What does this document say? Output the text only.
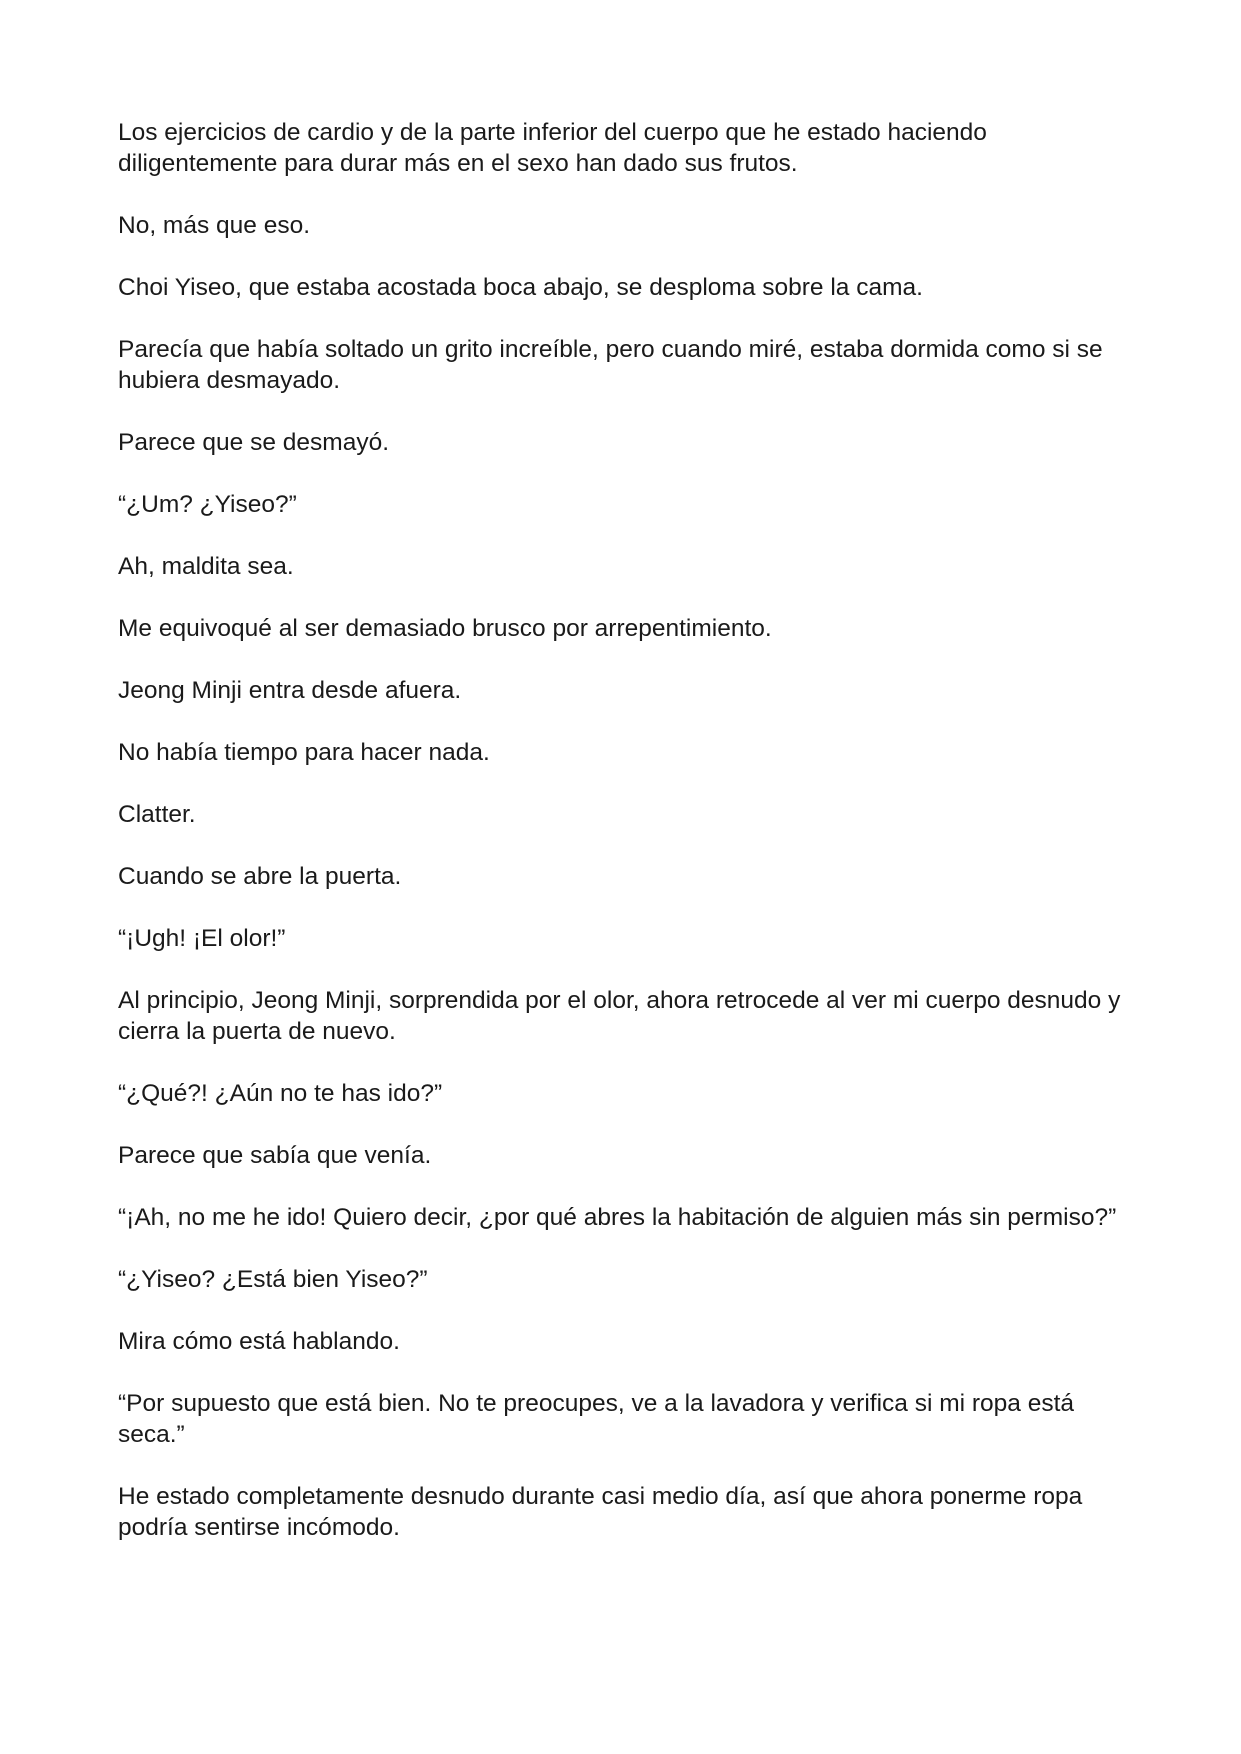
Los ejercicios de cardio y de la parte inferior del cuerpo que he estado haciendo diligentemente para durar más en el sexo han dado sus frutos.

No, más que eso.

Choi Yiseo, que estaba acostada boca abajo, se desploma sobre la cama.

Parecía que había soltado un grito increíble, pero cuando miré, estaba dormida como si se hubiera desmayado.

Parece que se desmayó.

“¿Um? ¿Yiseo?”

Ah, maldita sea.

Me equivoqué al ser demasiado brusco por arrepentimiento.

Jeong Minji entra desde afuera.

No había tiempo para hacer nada.

Clatter.

Cuando se abre la puerta.

“¡Ugh! ¡El olor!”

Al principio, Jeong Minji, sorprendida por el olor, ahora retrocede al ver mi cuerpo desnudo y cierra la puerta de nuevo.

“¿Qué?! ¿Aún no te has ido?”

Parece que sabía que venía.

“¡Ah, no me he ido! Quiero decir, ¿por qué abres la habitación de alguien más sin permiso?”

“¿Yiseo? ¿Está bien Yiseo?”

Mira cómo está hablando.

“Por supuesto que está bien. No te preocupes, ve a la lavadora y verifica si mi ropa está seca.”

He estado completamente desnudo durante casi medio día, así que ahora ponerme ropa podría sentirse incómodo.
